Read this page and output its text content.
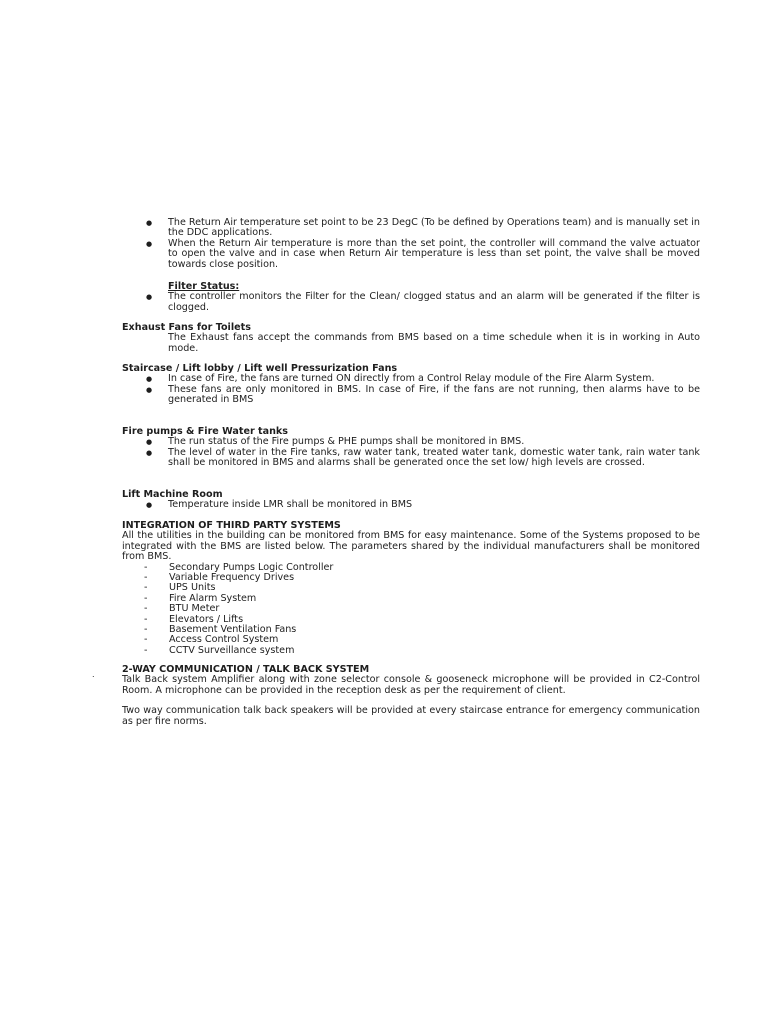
● The Return Air temperature set point to be 23 DegC (To be defined by Operations team) and is manually set in the DDC applications.
● When the Return Air temperature is more than the set point, the controller will command the valve actuator to open the valve and in case when Return Air temperature is less than set point, the valve shall be moved towards close position.
Filter Status:
● The controller monitors the Filter for the Clean/ clogged status and an alarm will be generated if the filter is clogged.
Exhaust Fans for Toilets
The Exhaust fans accept the commands from BMS based on a time schedule when it is in working in Auto mode.
Staircase / Lift lobby / Lift well Pressurization Fans
● In case of Fire, the fans are turned ON directly from a Control Relay module of the Fire Alarm System.
● These fans are only monitored in BMS. In case of Fire, if the fans are not running, then alarms have to be generated in BMS
Fire pumps & Fire Water tanks
● The run status of the Fire pumps & PHE pumps shall be monitored in BMS.
● The level of water in the Fire tanks, raw water tank, treated water tank, domestic water tank, rain water tank shall be monitored in BMS and alarms shall be generated once the set low/ high levels are crossed.
Lift Machine Room
● Temperature inside LMR shall be monitored in BMS
INTEGRATION OF THIRD PARTY SYSTEMS

All the utilities in the building can be monitored from BMS for easy maintenance. Some of the Systems proposed to be integrated with the BMS are listed below. The parameters shared by the individual manufacturers shall be monitored from BMS.

- Secondary Pumps Logic Controller
- Variable Frequency Drives
- UPS Units
- Fire Alarm System
- BTU Meter
- Elevators / Lifts
- Basement Ventilation Fans
- Access Control System
- CCTV Surveillance system
.	2-WAY COMMUNICATION / TALK BACK SYSTEM

Talk Back system Amplifier along with zone selector console & gooseneck microphone will be provided in C2-Control Room. A microphone can be provided in the reception desk as per the requirement of client.

Two way communication talk back speakers will be provided at every staircase entrance for emergency communication as per fire norms.
